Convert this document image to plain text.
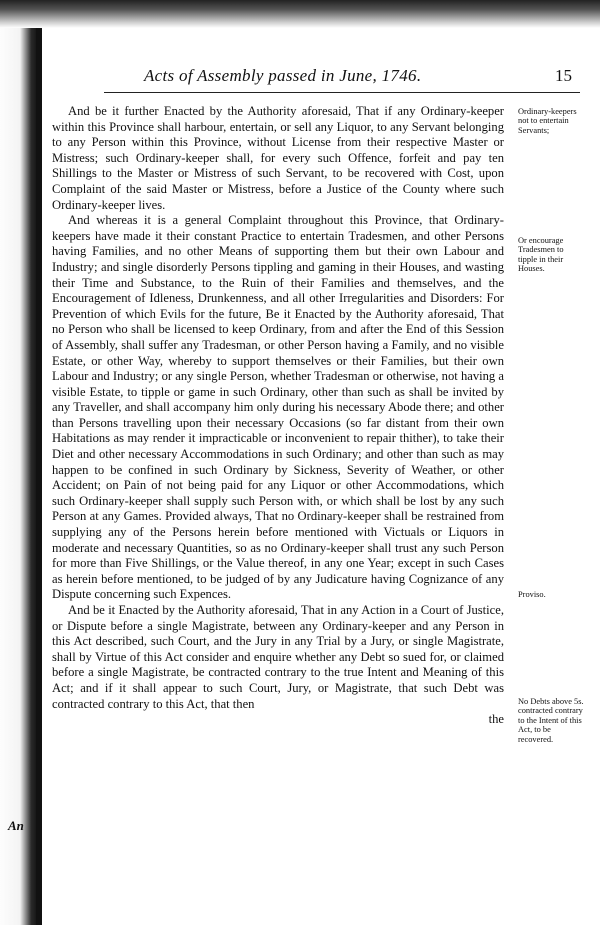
Acts of Assembly passed in June, 1746.	15

And be it further Enacted by the Authority aforesaid, That if any Ordinary-keeper within this Province shall harbour, entertain, or sell any Liquor, to any Servant belonging to any Person within this Province, without License from their respective Master or Mistress; such Ordinary-keeper shall, for every such Offence, forfeit and pay ten Shillings to the Master or Mistress of such Servant, to be recovered with Cost, upon Complaint of the said Master or Mistress, before a Justice of the County where such Ordinary-keeper lives.

And whereas it is a general Complaint throughout this Province, that Ordinary-keepers have made it their constant Practice to entertain Tradesmen, and other Persons having Families, and no other Means of supporting them but their own Labour and Industry; and single disorderly Persons tippling and gaming in their Houses, and wasting their Time and Substance, to the Ruin of their Families and themselves, and the Encouragement of Idleness, Drunkenness, and all other Irregularities and Disorders: For Prevention of which Evils for the future, Be it Enacted by the Authority aforesaid, That no Person who shall be licensed to keep Ordinary, from and after the End of this Session of Assembly, shall suffer any Tradesman, or other Person having a Family, and no visible Estate, or other Way, whereby to support themselves or their Families, but their own Labour and Industry; or any single Person, whether Tradesman or otherwise, not having a visible Estate, to tipple or game in such Ordinary, other than such as shall be invited by any Traveller, and shall accompany him only during his necessary Abode there; and other than Persons travelling upon their necessary Occasions (so far distant from their own Habitations as may render it impracticable or inconvenient to repair thither), to take their Diet and other necessary Accommodations in such Ordinary; and other than such as may happen to be confined in such Ordinary by Sickness, Severity of Weather, or other Accident; on Pain of not being paid for any Liquor or other Accommodations, which such Ordinary-keeper shall supply such Person with, or which shall be lost by any such Person at any Games. Provided always, That no Ordinary-keeper shall be restrained from supplying any of the Persons herein before mentioned with Victuals or Liquors in moderate and necessary Quantities, so as no Ordinary-keeper shall trust any such Person for more than Five Shillings, or the Value thereof, in any one Year; except in such Cases as herein before mentioned, to be judged of by any Judicature having Cognizance of any Dispute concerning such Expences.

And be it Enacted by the Authority aforesaid, That in any Action in a Court of Justice, or Dispute before a single Magistrate, between any Ordinary-keeper and any Person in this Act described, such Court, and the Jury in any Trial by a Jury, or single Magistrate, shall by Virtue of this Act consider and enquire whether any Debt so sued for, or claimed before a single Magistrate, be contracted contrary to the true Intent and Meaning of this Act; and if it shall appear to such Court, Jury, or Magistrate, that such Debt was contracted contrary to this Act, that then

the

Ordinary-keepers not to entertain Servants;
Or encourage Tradesmen to tipple in their Houses.
Proviso.
No Debts above 5s. contracted contrary to the Intent of this Act, to be recovered.
An
